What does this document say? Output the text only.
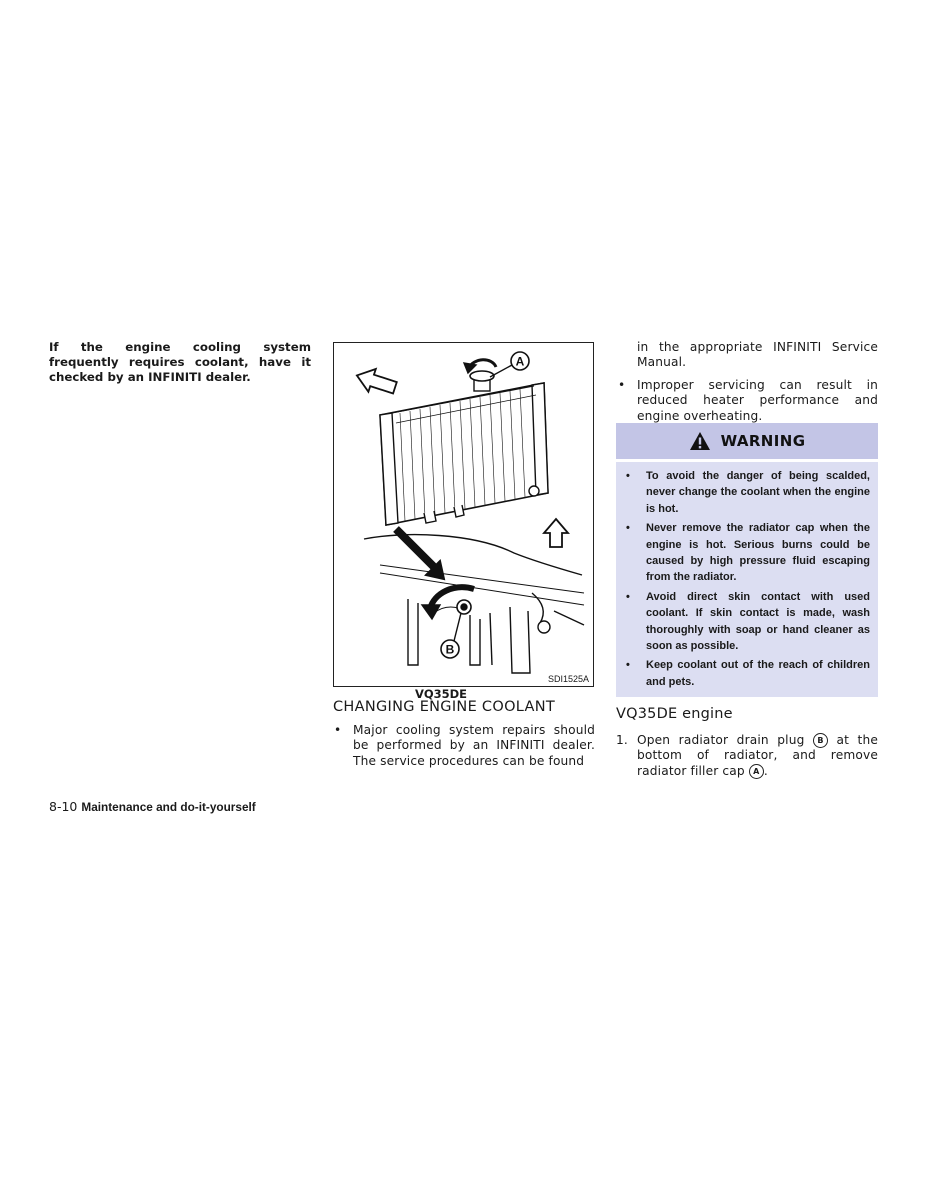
If the engine cooling system frequently requires coolant, have it checked by an INFINITI dealer.
A
B
SDI1525A
VQ35DE
CHANGING ENGINE COOLANT
• Major cooling system repairs should be performed by an INFINITI dealer. The service procedures can be found
in the appropriate INFINITI Service Manual.
• Improper servicing can result in reduced heater performance and engine overheating.
WARNING
• To avoid the danger of being scalded, never change the coolant when the engine is hot.
• Never remove the radiator cap when the engine is hot. Serious burns could be caused by high pressure fluid escaping from the radiator.
• Avoid direct skin contact with used coolant. If skin contact is made, wash thoroughly with soap or hand cleaner as soon as possible.
• Keep coolant out of the reach of children and pets.
VQ35DE engine
1. Open radiator drain plug B at the bottom of radiator, and remove radiator filler cap A .
8-10 Maintenance and do-it-yourself
